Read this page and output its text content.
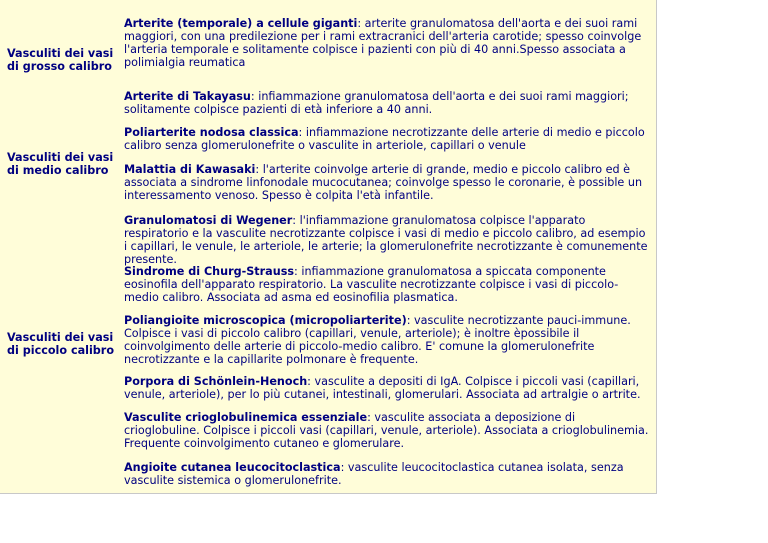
Vasculiti dei vasi di grosso calibro
Arterite (temporale) a cellule giganti: arterite granulomatosa dell'aorta e dei suoi rami maggiori, con una predilezione per i rami extracranici dell'arteria carotide; spesso coinvolge l'arteria temporale e solitamente colpisce i pazienti con più di 40 anni.Spesso associata a polimialgia reumatica
Arterite di Takayasu: infiammazione granulomatosa dell'aorta e dei suoi rami maggiori; solitamente colpisce pazienti di età inferiore a 40 anni.
Vasculiti dei vasi di medio calibro
Poliarterite nodosa classica: infiammazione necrotizzante delle arterie di medio e piccolo calibro senza glomerulonefrite o vasculite in arteriole, capillari o venule
Malattia di Kawasaki: l'arterite coinvolge arterie di grande, medio e piccolo calibro ed è associata a sindrome linfonodale mucocutanea; coinvolge spesso le coronarie, è possible un interessamento venoso. Spesso è colpita l'età infantile.
Vasculiti dei vasi di piccolo calibro
Granulomatosi di Wegener: l'infiammazione granulomatosa colpisce l'apparato respiratorio e la vasculite necrotizzante colpisce i vasi di medio e piccolo calibro, ad esempio i capillari, le venule, le arteriole, le arterie; la glomerulonefrite necrotizzante è comunemente presente.
Sindrome di Churg-Strauss: infiammazione granulomatosa a spiccata componente eosinofila dell'apparato respiratorio. La vasculite necrotizzante colpisce i vasi di piccolo-medio calibro. Associata ad asma ed eosinofilia plasmatica.
Poliangioite microscopica (micropoliarterite): vasculite necrotizzante pauci-immune. Colpisce i vasi di piccolo calibro (capillari, venule, arteriole); è inoltre èpossibile il coinvolgimento delle arterie di piccolo-medio calibro. E' comune la glomerulonefrite necrotizzante e la capillarite polmonare è frequente.
Porpora di Schönlein-Henoch: vasculite a depositi di IgA. Colpisce i piccoli vasi (capillari, venule, arteriole), per lo più cutanei, intestinali, glomerulari. Associata ad artralgie o artrite.
Vasculite crioglobulinemica essenziale: vasculite associata a deposizione di crioglobuline. Colpisce i piccoli vasi (capillari, venule, arteriole). Associata a crioglobulinemia. Frequente coinvolgimento cutaneo e glomerulare.
Angioite cutanea leucocitoclastica: vasculite leucocitoclastica cutanea isolata, senza vasculite sistemica o glomerulonefrite.
